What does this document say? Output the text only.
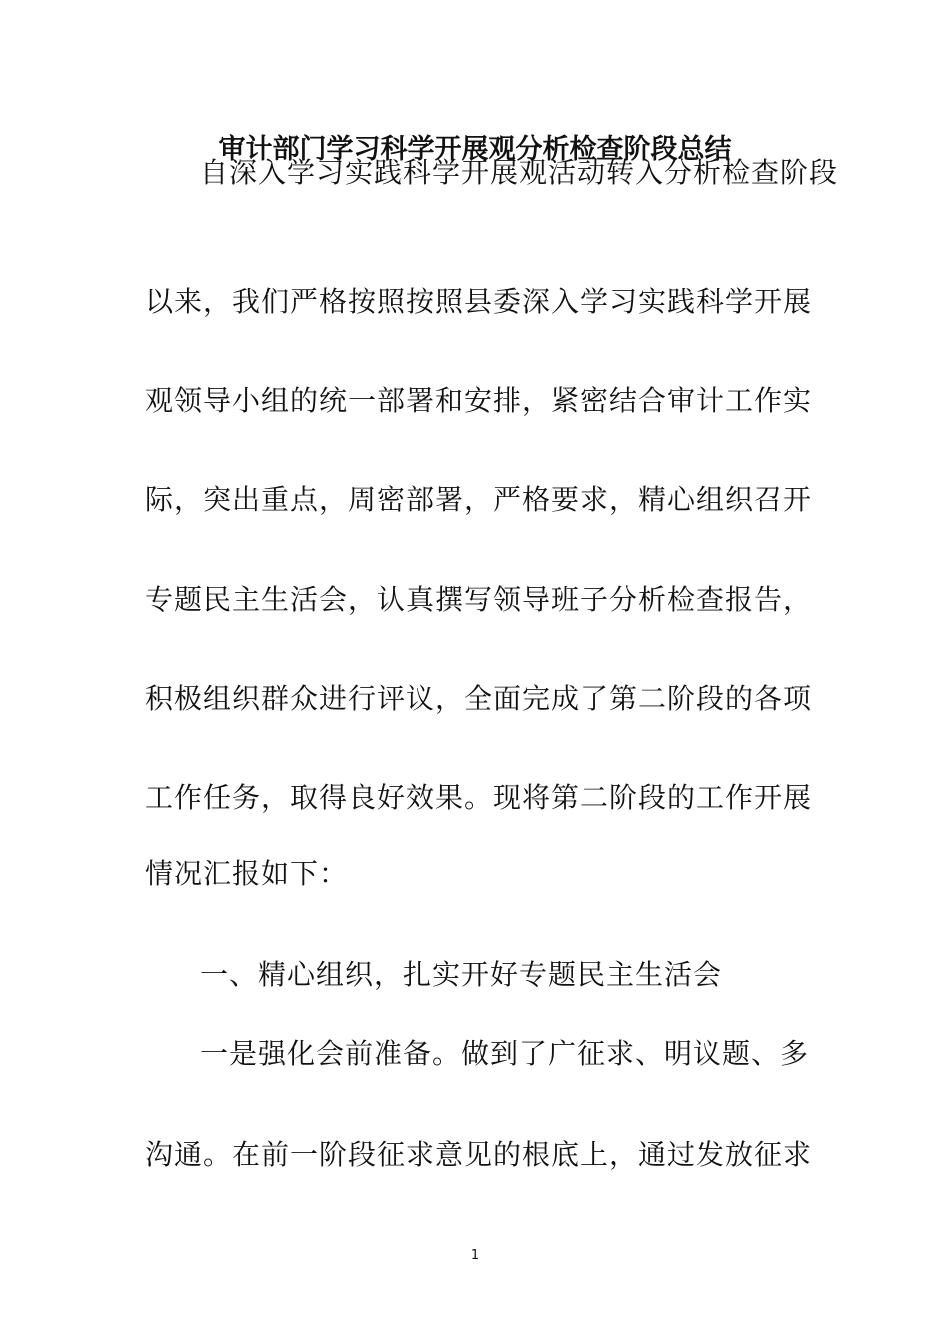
审计部门学习科学开展观分析检查阶段总结
自深入学习实践科学开展观活动转入分析检查阶段
以来，我们严格按照按照县委深入学习实践科学开展
观领导小组的统一部署和安排，紧密结合审计工作实
际，突出重点，周密部署，严格要求，精心组织召开
专题民主生活会，认真撰写领导班子分析检查报告，
积极组织群众进行评议，全面完成了第二阶段的各项
工作任务，取得良好效果。现将第二阶段的工作开展
情况汇报如下：
一、精心组织，扎实开好专题民主生活会
一是强化会前准备。做到了广征求、明议题、多
沟通。在前一阶段征求意见的根底上，通过发放征求
1
